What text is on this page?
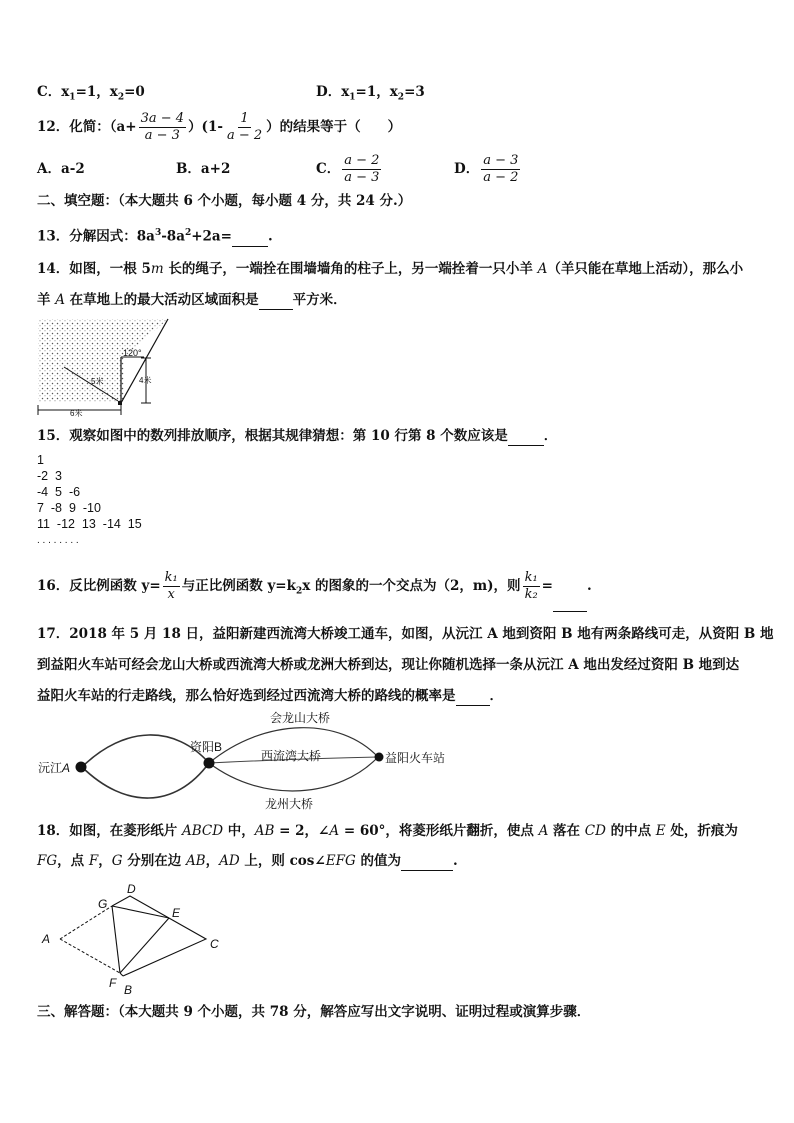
C．$x_1=1$，$x_2=0$	D．$x_1=1$，$x_2=3$
12．化简：$(a+ \frac{3a - 4}{a - 3} )(1- \frac{1}{a - 2}$ ）的结果等于（　　）
A．a-2	B．a+2	C． $\frac{a - 2}{a - 3}$	D． $\frac{a - 3}{a - 2}$
二、填空题：（本大题共 6 个小题，每小题 4 分，共 24 分.）
13．分解因式：$8a^3-8a^2+2a=$	.
14．如图，一根 5m 长的绳子，一端拴在围墙墙角的柱子上，另一端拴着一只小羊 A（羊只能在草地上活动），那么小
羊 A 在草地上的最大活动区域面积是	平方米．
120°
5米	4米
6米
15．观察如图中的数列排放顺序，根据其规律猜想：第 10 行第 8 个数应该是	．
1
-2  3
-4  5  -6
7  -8  9  -10
11  -12  13  -14  15
. . . . . . . .
16．反比例函数 $y= \frac{\text{k₁}}{x}$ 与正比例函数 $y=k_2x$ 的图象的一个交点为（2，m)，则 $\frac{\text{k₁}}{\text{k₂}}$ =	.
17．2018 年 5 月 18 日，益阳新建西流湾大桥竣工通车，如图，从沅江 A 地到资阳 B 地有两条路线可走，从资阳 B 地
到益阳火车站可经会龙山大桥或西流湾大桥或龙洲大桥到达，现让你随机选择一条从沅江 A 地出发经过资阳 B 地到达
益阳火车站的行走路线，那么恰好选到经过西流湾大桥的路线的概率是	．
沅江A
资阳B
益阳火车站
会龙山大桥
西流湾大桥
龙州大桥
18．如图，在菱形纸片 ABCD 中，AB = 2，∠A = 60°，将菱形纸片翻折，使点 A 落在 CD 的中点 E 处，折痕为
FG，点 F，G 分别在边 AB，AD 上，则 cos∠EFG 的值为	.
A
D
G
E
C
F B
三、解答题：（本大题共 9 个小题，共 78 分，解答应写出文字说明、证明过程或演算步骤．
